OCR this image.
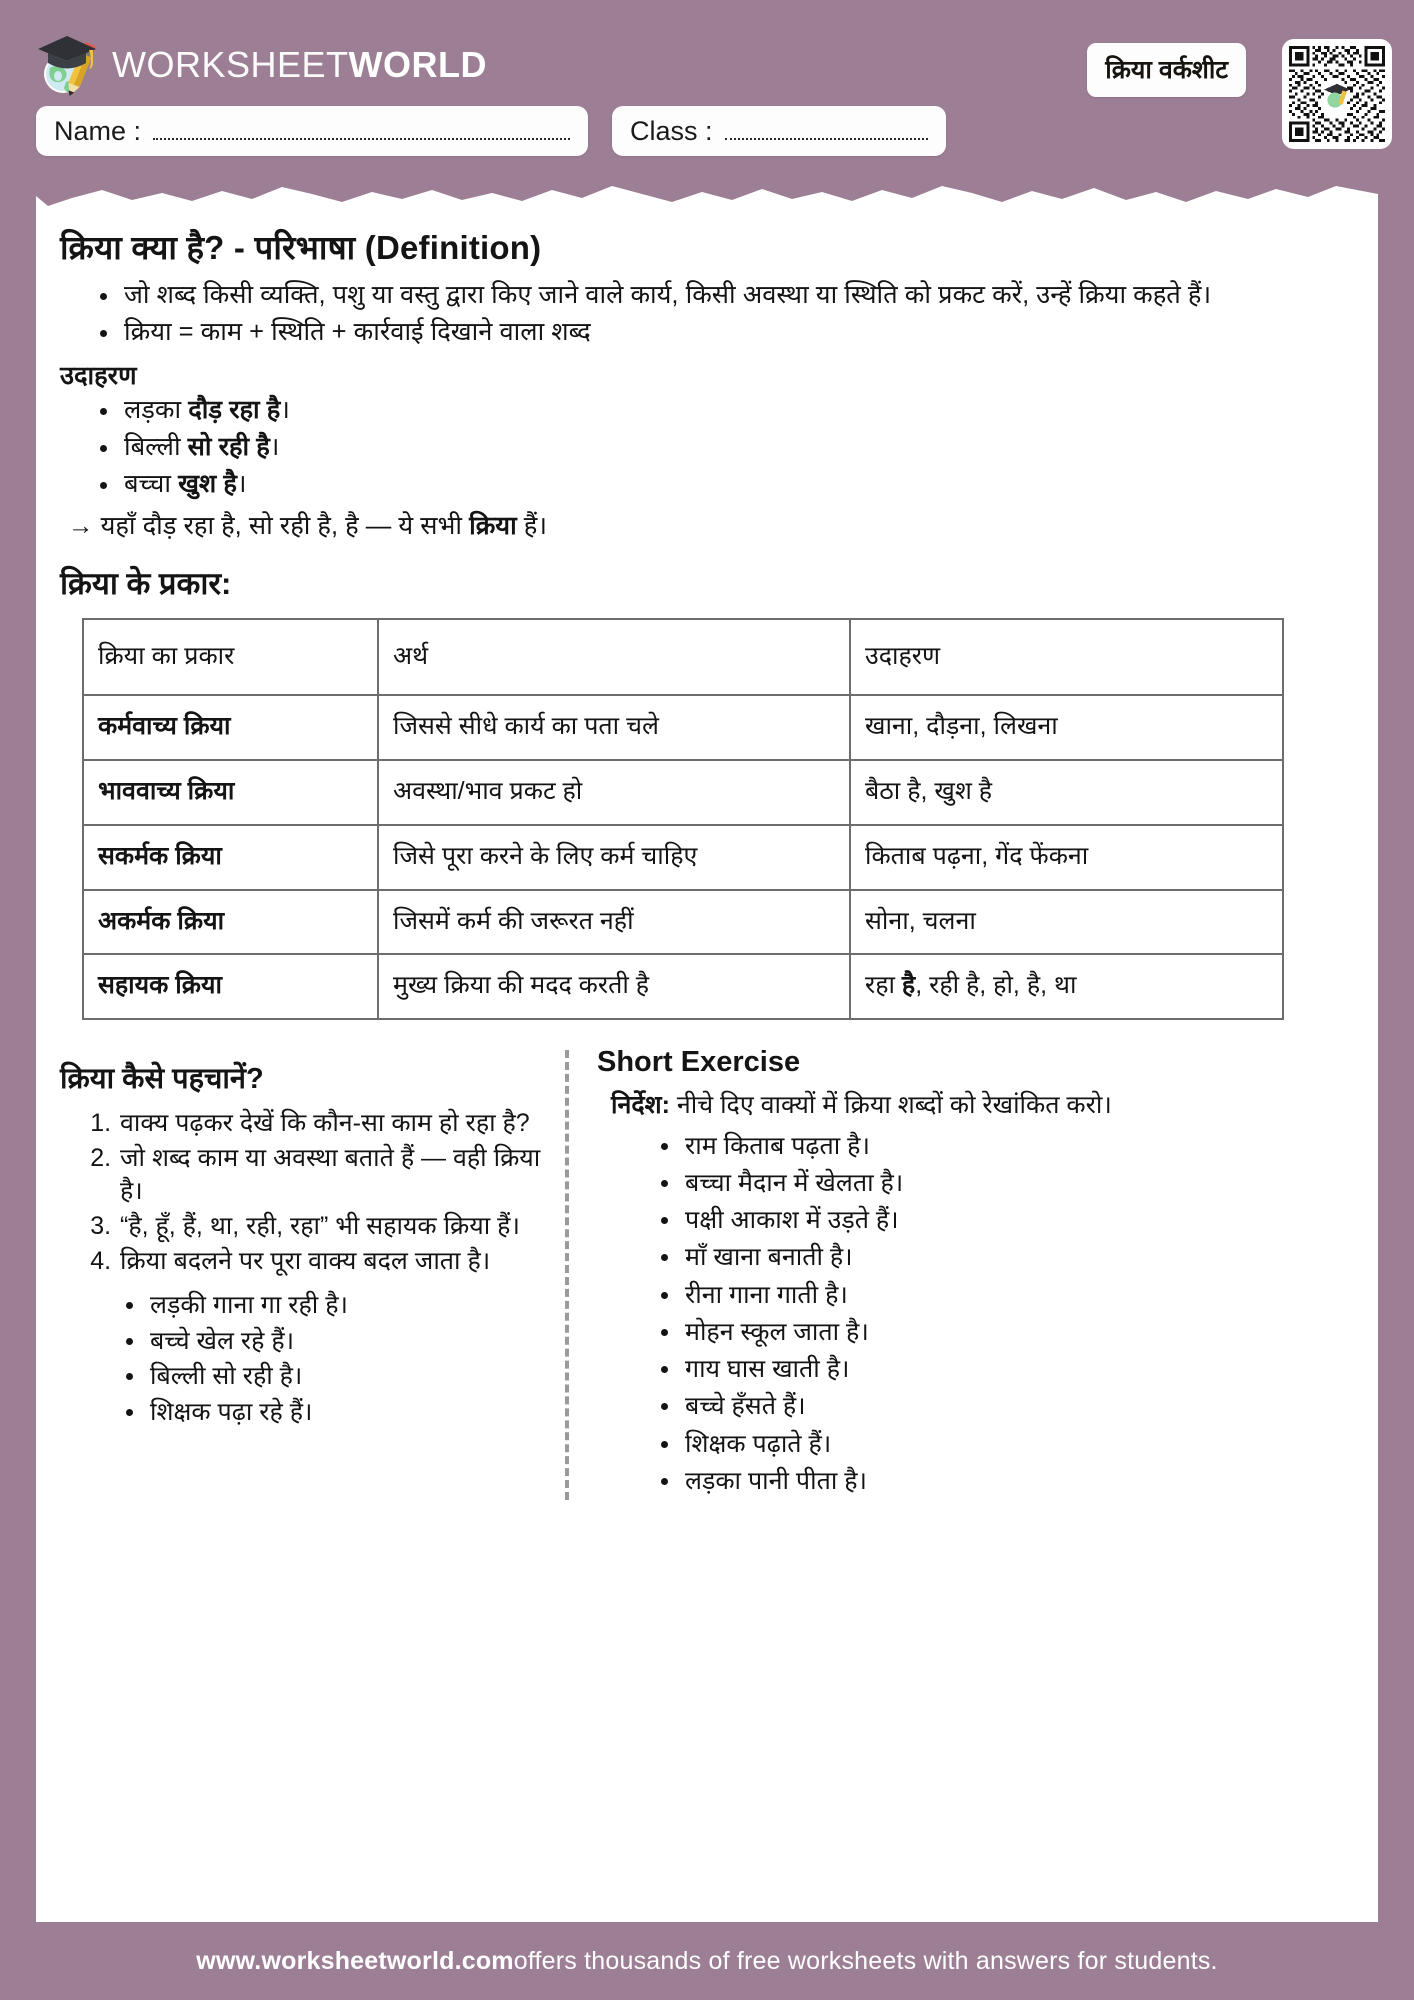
WORKSHEETWORLD	क्रिया वर्कशीट
Name :	Class :
क्रिया क्या है? - परिभाषा (Definition)
जो शब्द किसी व्यक्ति, पशु या वस्तु द्वारा किए जाने वाले कार्य, किसी अवस्था या स्थिति को प्रकट करें, उन्हें क्रिया कहते हैं।
क्रिया = काम + स्थिति + कार्रवाई दिखाने वाला शब्द
उदाहरण
लड़का दौड़ रहा है।
बिल्ली सो रही है।
बच्चा खुश है।
→ यहाँ दौड़ रहा है, सो रही है, है — ये सभी क्रिया हैं।
क्रिया के प्रकार:
क्रिया का प्रकार	अर्थ	उदाहरण
कर्मवाच्य क्रिया	जिससे सीधे कार्य का पता चले	खाना, दौड़ना, लिखना
भाववाच्य क्रिया	अवस्था/भाव प्रकट हो	बैठा है, खुश है
सकर्मक क्रिया	जिसे पूरा करने के लिए कर्म चाहिए	किताब पढ़ना, गेंद फेंकना
अकर्मक क्रिया	जिसमें कर्म की जरूरत नहीं	सोना, चलना
सहायक क्रिया	मुख्य क्रिया की मदद करती है	रहा है, रही है, हो, है, था
क्रिया कैसे पहचानें?
1. वाक्य पढ़कर देखें कि कौन-सा काम हो रहा है?
2. जो शब्द काम या अवस्था बताते हैं — वही क्रिया है।
3. “है, हूँ, हैं, था, रही, रहा” भी सहायक क्रिया हैं।
4. क्रिया बदलने पर पूरा वाक्य बदल जाता है।
लड़की गाना गा रही है।
बच्चे खेल रहे हैं।
बिल्ली सो रही है।
शिक्षक पढ़ा रहे हैं।
Short Exercise
निर्देश: नीचे दिए वाक्यों में क्रिया शब्दों को रेखांकित करो।
राम किताब पढ़ता है।
बच्चा मैदान में खेलता है।
पक्षी आकाश में उड़ते हैं।
माँ खाना बनाती है।
रीना गाना गाती है।
मोहन स्कूल जाता है।
गाय घास खाती है।
बच्चे हँसते हैं।
शिक्षक पढ़ाते हैं।
लड़का पानी पीता है।
www.worksheetworld.com offers thousands of free worksheets with answers for students.
